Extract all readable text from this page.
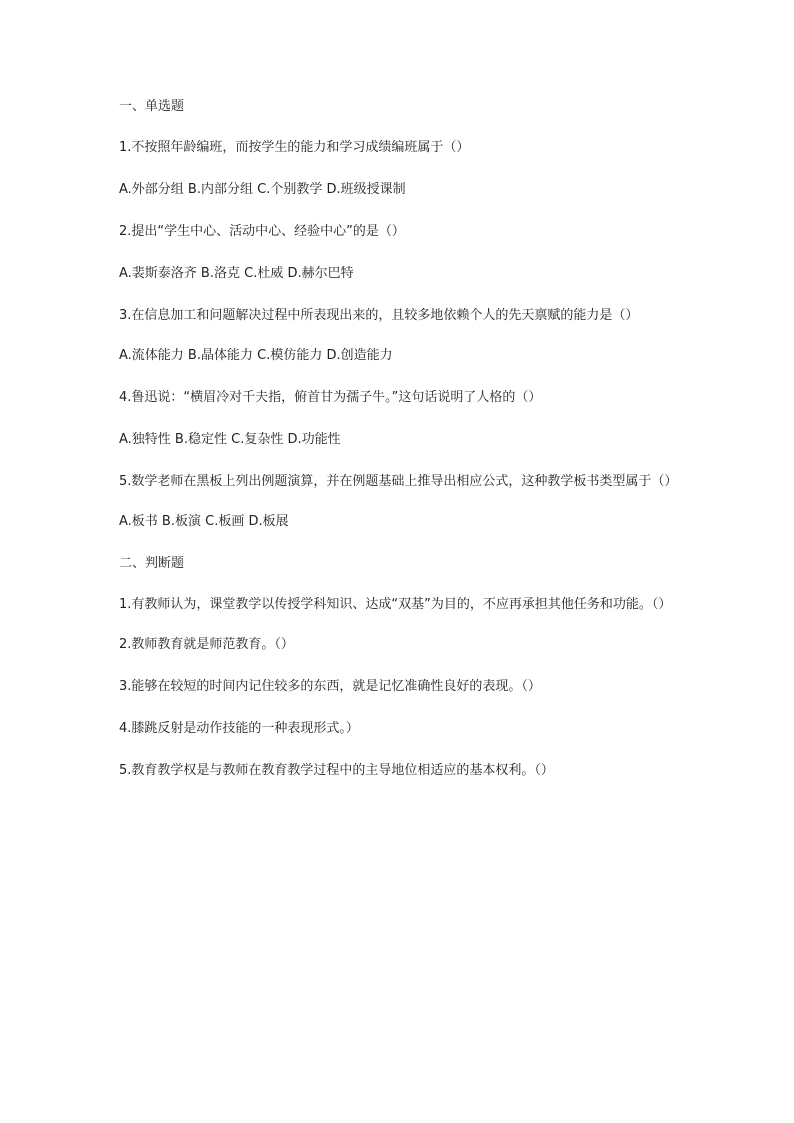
一、单选题
1.不按照年龄编班，而按学生的能力和学习成绩编班属于（）
A.外部分组 B.内部分组 C.个别教学 D.班级授课制
2.提出“学生中心、活动中心、经验中心”的是（）
A.裴斯泰洛齐 B.洛克 C.杜威 D.赫尔巴特
3.在信息加工和问题解决过程中所表现出来的，且较多地依赖个人的先天禀赋的能力是（）
A.流体能力 B.晶体能力 C.模仿能力 D.创造能力
4.鲁迅说：“横眉冷对千夫指，俯首甘为孺子牛。”这句话说明了人格的（）
A.独特性 B.稳定性 C.复杂性 D.功能性
5.数学老师在黑板上列出例题演算，并在例题基础上推导出相应公式，这种教学板书类型属于（）
A.板书 B.板演 C.板画 D.板展
二、判断题
1.有教师认为，课堂教学以传授学科知识、达成“双基”为目的，不应再承担其他任务和功能。（）
2.教师教育就是师范教育。（）
3.能够在较短的时间内记住较多的东西，就是记忆准确性良好的表现。（）
4.膝跳反射是动作技能的一种表现形式。）
5.教育教学权是与教师在教育教学过程中的主导地位相适应的基本权利。（）
